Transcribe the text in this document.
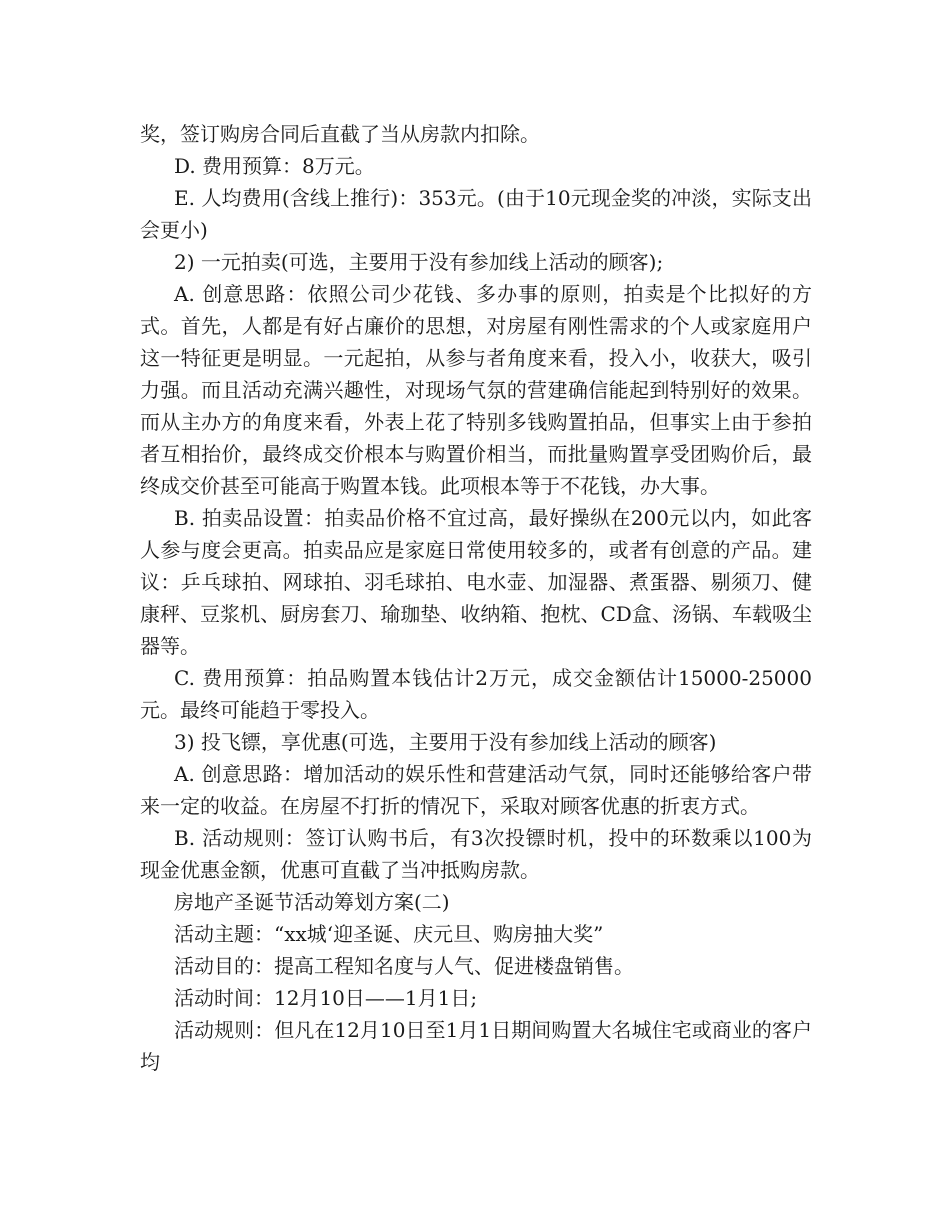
奖，签订购房合同后直截了当从房款内扣除。

D. 费用预算：8万元。

E. 人均费用(含线上推行)：353元。(由于10元现金奖的冲淡，实际支出会更小)

2) 一元拍卖(可选，主要用于没有参加线上活动的顾客);

A. 创意思路：依照公司少花钱、多办事的原则，拍卖是个比拟好的方式。首先，人都是有好占廉价的思想，对房屋有刚性需求的个人或家庭用户这一特征更是明显。一元起拍，从参与者角度来看，投入小，收获大，吸引力强。而且活动充满兴趣性，对现场气氛的营建确信能起到特别好的效果。而从主办方的角度来看，外表上花了特别多钱购置拍品，但事实上由于参拍者互相抬价，最终成交价根本与购置价相当，而批量购置享受团购价后，最终成交价甚至可能高于购置本钱。此项根本等于不花钱，办大事。

B. 拍卖品设置：拍卖品价格不宜过高，最好操纵在200元以内，如此客人参与度会更高。拍卖品应是家庭日常使用较多的，或者有创意的产品。建议：乒乓球拍、网球拍、羽毛球拍、电水壶、加湿器、煮蛋器、剔须刀、健康秤、豆浆机、厨房套刀、瑜珈垫、收纳箱、抱枕、CD盒、汤锅、车载吸尘器等。

C. 费用预算：拍品购置本钱估计2万元，成交金额估计15000-25000元。最终可能趋于零投入。

3) 投飞镖，享优惠(可选，主要用于没有参加线上活动的顾客)

A. 创意思路：增加活动的娱乐性和营建活动气氛，同时还能够给客户带来一定的收益。在房屋不打折的情况下，采取对顾客优惠的折衷方式。

B. 活动规则：签订认购书后，有3次投镖时机，投中的环数乘以100为现金优惠金额，优惠可直截了当冲抵购房款。

房地产圣诞节活动筹划方案(二)

活动主题：“xx城‘迎圣诞、庆元旦、购房抽大奖”

活动目的：提高工程知名度与人气、促进楼盘销售。

活动时间：12月10日——1月1日;

活动规则：但凡在12月10日至1月1日期间购置大名城住宅或商业的客户均
